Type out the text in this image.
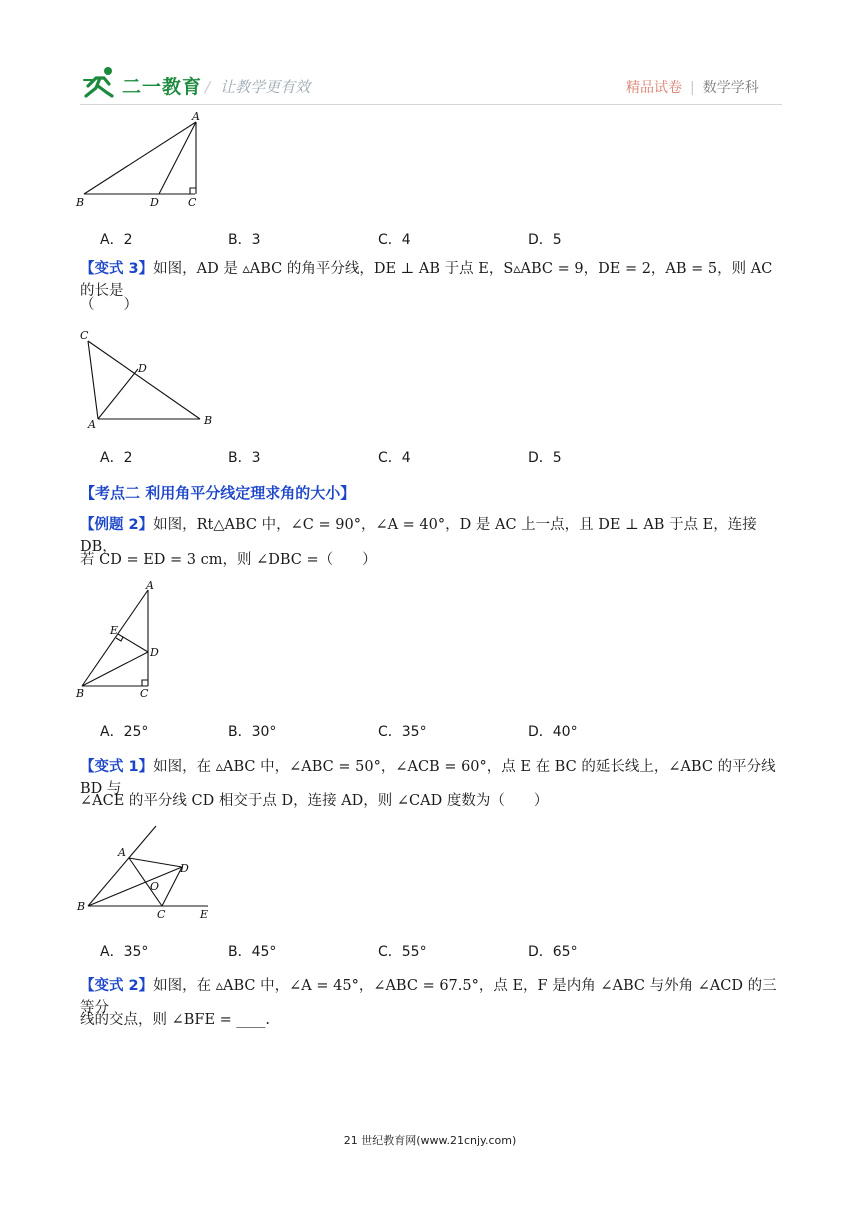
二一教育 / 让教学更有效	精品试卷 | 数学学科
A
B	D	C
A．2	B．3	C．4	D．5
【变式 3】如图，AD 是 ▵ABC 的角平分线，DE ⊥ AB 于点 E，S▵ABC = 9，DE = 2，AB = 5，则 AC 的长是
（　　）
C
D
A	B
A．2	B．3	C．4	D．5
【考点二 利用角平分线定理求角的大小】
【例题 2】如图，Rt△ABC 中，∠C = 90°，∠A = 40°，D 是 AC 上一点，且 DE ⊥ AB 于点 E，连接 DB，
若 CD = ED = 3 cm，则 ∠DBC =（　　）
A
E
D
B	C
A．25°	B．30°	C．35°	D．40°
【变式 1】如图，在 ▵ABC 中，∠ABC = 50°，∠ACB = 60°，点 E 在 BC 的延长线上，∠ABC 的平分线 BD 与
∠ACE 的平分线 CD 相交于点 D，连接 AD，则 ∠CAD 度数为（　　）
A
D
O
B
C	E
A．35°	B．45°	C．55°	D．65°
【变式 2】如图，在 ▵ABC 中，∠A = 45°，∠ABC = 67.5°，点 E，F 是内角 ∠ABC 与外角 ∠ACD 的三等分
线的交点，则 ∠BFE = ____.
21 世纪教育网(www.21cnjy.com)
